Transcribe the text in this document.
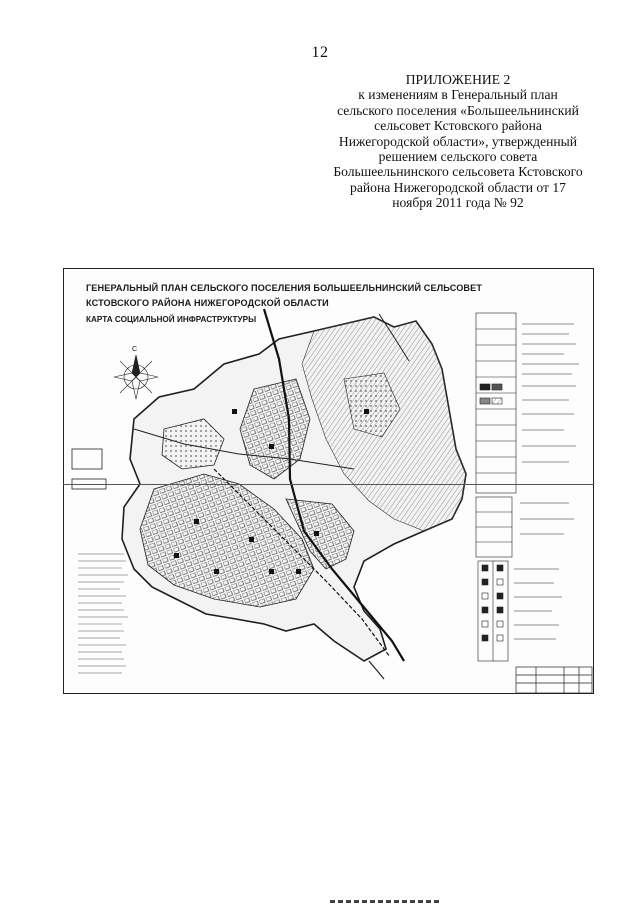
12
ПРИЛОЖЕНИЕ 2
к изменениям в Генеральный план
сельского поселения «Большеельнинский
сельсовет Кстовского района
Нижегородской области», утвержденный
решением сельского совета
Большеельнинского сельсовета Кстовского
района Нижегородской области от 17
ноября 2011 года № 92
С
ГЕНЕРАЛЬНЫЙ ПЛАН СЕЛЬСКОГО ПОСЕЛЕНИЯ БОЛЬШЕЕЛЬНИНСКИЙ СЕЛЬСОВЕТ
КСТОВСКОГО РАЙОНА НИЖЕГОРОДСКОЙ ОБЛАСТИ
КАРТА СОЦИАЛЬНОЙ ИНФРАСТРУКТУРЫ
